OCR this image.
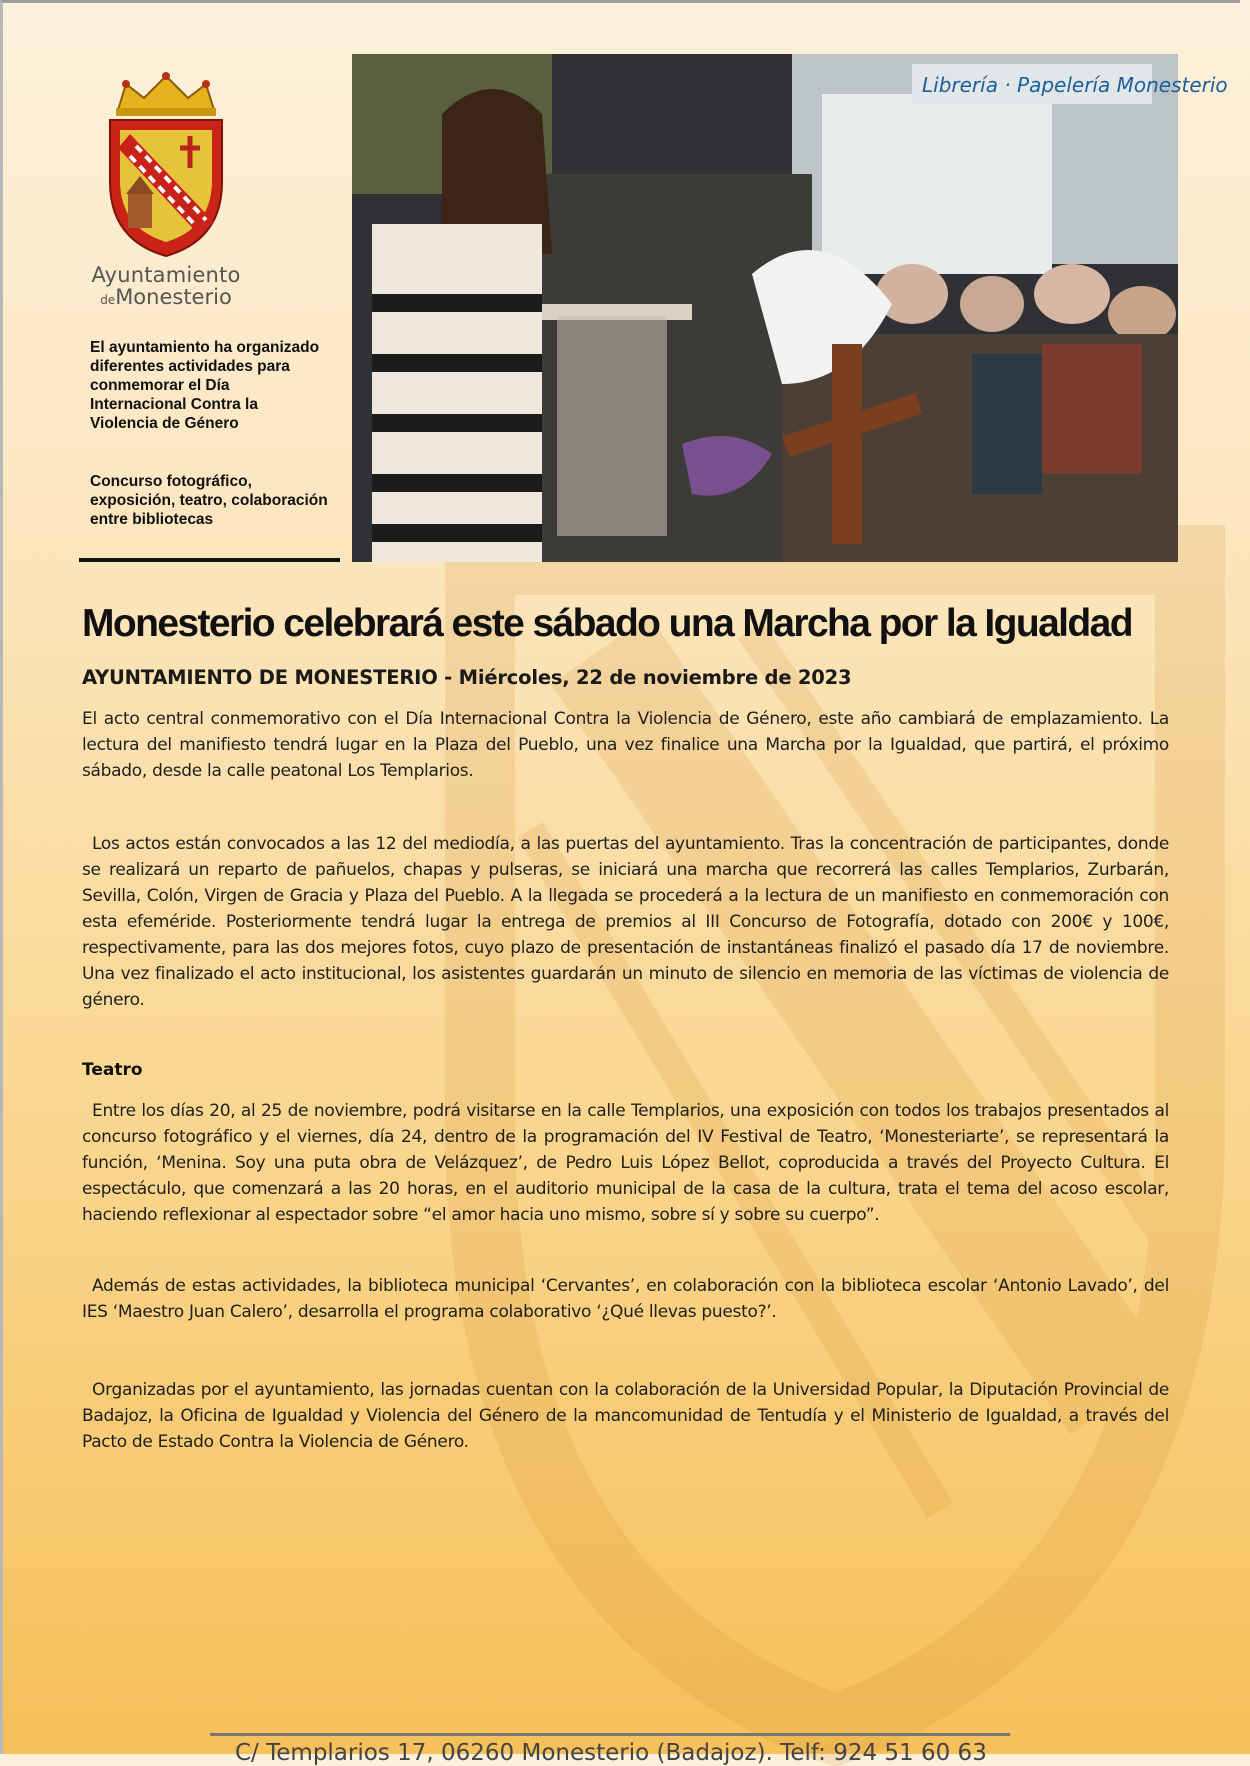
Ayuntamiento
deMonesterio
El ayuntamiento ha organizado diferentes actividades para conmemorar el Día Internacional Contra la Violencia de Género
Concurso fotográfico, exposición, teatro, colaboración entre bibliotecas
Librería · Papelería Monesterio
Monesterio celebrará este sábado una Marcha por la Igualdad
AYUNTAMIENTO DE MONESTERIO - Miércoles, 22 de noviembre de 2023

El acto central conmemorativo con el Día Internacional Contra la Violencia de Género, este año cambiará de emplazamiento. La lectura del manifiesto tendrá lugar en la Plaza del Pueblo, una vez finalice una Marcha por la Igualdad, que partirá, el próximo sábado, desde la calle peatonal Los Templarios.

Los actos están convocados a las 12 del mediodía, a las puertas del ayuntamiento. Tras la concentración de participantes, donde se realizará un reparto de pañuelos, chapas y pulseras, se iniciará una marcha que recorrerá las calles Templarios, Zurbarán, Sevilla, Colón, Virgen de Gracia y Plaza del Pueblo. A la llegada se procederá a la lectura de un manifiesto en conmemoración con esta efeméride. Posteriormente tendrá lugar la entrega de premios al III Concurso de Fotografía, dotado con 200€ y 100€, respectivamente, para las dos mejores fotos, cuyo plazo de presentación de instantáneas finalizó el pasado día 17 de noviembre. Una vez finalizado el acto institucional, los asistentes guardarán un minuto de silencio en memoria de las víctimas de violencia de género.

Teatro

Entre los días 20, al 25 de noviembre, podrá visitarse en la calle Templarios, una exposición con todos los trabajos presentados al concurso fotográfico y el viernes, día 24, dentro de la programación del IV Festival de Teatro, ‘Monesteriarte’, se representará la función, ‘Menina. Soy una puta obra de Velázquez’, de Pedro Luis López Bellot, coproducida a través del Proyecto Cultura. El espectáculo, que comenzará a las 20 horas, en el auditorio municipal de la casa de la cultura, trata el tema del acoso escolar, haciendo reflexionar al espectador sobre “el amor hacia uno mismo, sobre sí y sobre su cuerpo”.

Además de estas actividades, la biblioteca municipal ‘Cervantes’, en colaboración con la biblioteca escolar ‘Antonio Lavado’, del IES ‘Maestro Juan Calero’, desarrolla el programa colaborativo ‘¿Qué llevas puesto?’.

Organizadas por el ayuntamiento, las jornadas cuentan con la colaboración de la Universidad Popular, la Diputación Provincial de Badajoz, la Oficina de Igualdad y Violencia del Género de la mancomunidad de Tentudía y el Ministerio de Igualdad, a través del Pacto de Estado Contra la Violencia de Género.

C/ Templarios 17, 06260 Monesterio (Badajoz). Telf: 924 51 60 63
